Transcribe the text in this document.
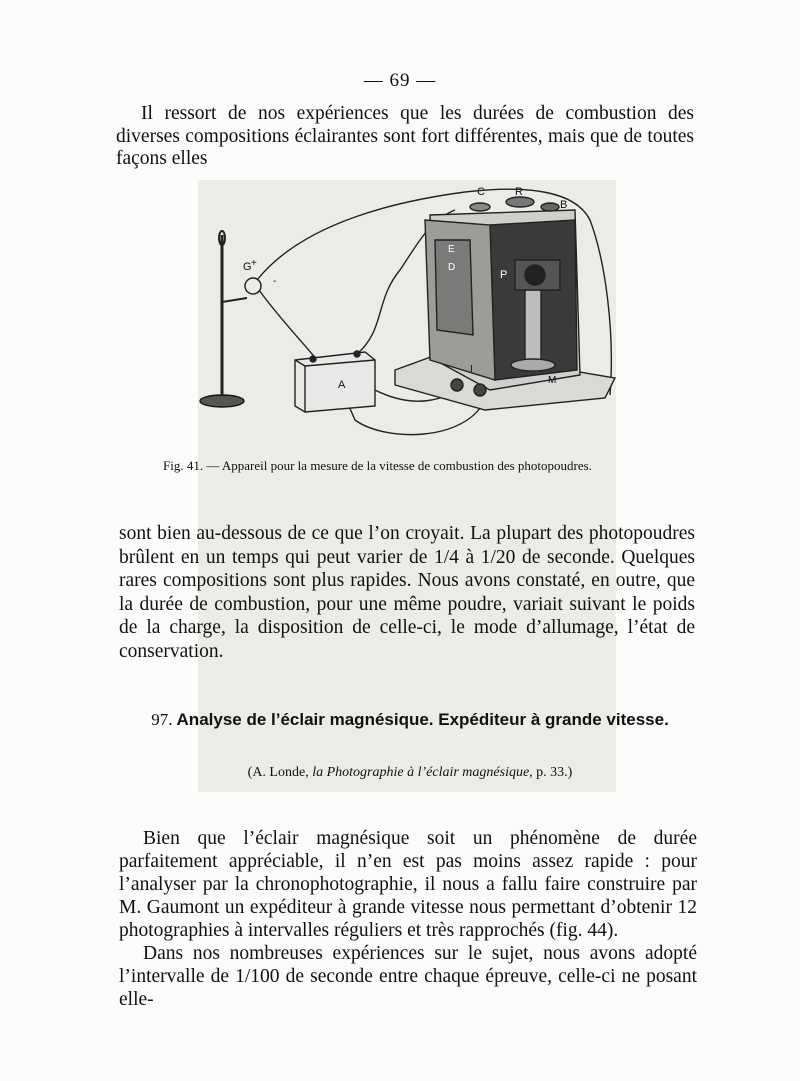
— 69 —

Il ressort de nos expériences que les durées de combustion des diverses compositions éclairantes sont fort différentes, mais que de toutes façons elles

C	R
B
G +
-
E
D
P
A
I
M
Fig. 41. — Appareil pour la mesure de la vitesse de combustion des photopoudres.

sont bien au-dessous de ce que l’on croyait. La plupart des photopoudres brûlent en un temps qui peut varier de 1/4 à 1/20 de seconde. Quelques rares compositions sont plus rapides. Nous avons constaté, en outre, que la durée de combustion, pour une même poudre, variait suivant le poids de la charge, la disposition de celle-ci, le mode d’allumage, l’état de conservation.

97. Analyse de l’éclair magnésique. Expéditeur à grande vitesse.
(A. Londe, la Photographie à l’éclair magnésique, p. 33.)

Bien que l’éclair magnésique soit un phénomène de durée parfaitement appréciable, il n’en est pas moins assez rapide : pour l’analyser par la chronophotographie, il nous a fallu faire construire par M. Gaumont un expéditeur à grande vitesse nous permettant d’obtenir 12 photographies à intervalles réguliers et très rapprochés (fig. 44).

Dans nos nombreuses expériences sur le sujet, nous avons adopté l’intervalle de 1/100 de seconde entre chaque épreuve, celle-ci ne posant elle-
